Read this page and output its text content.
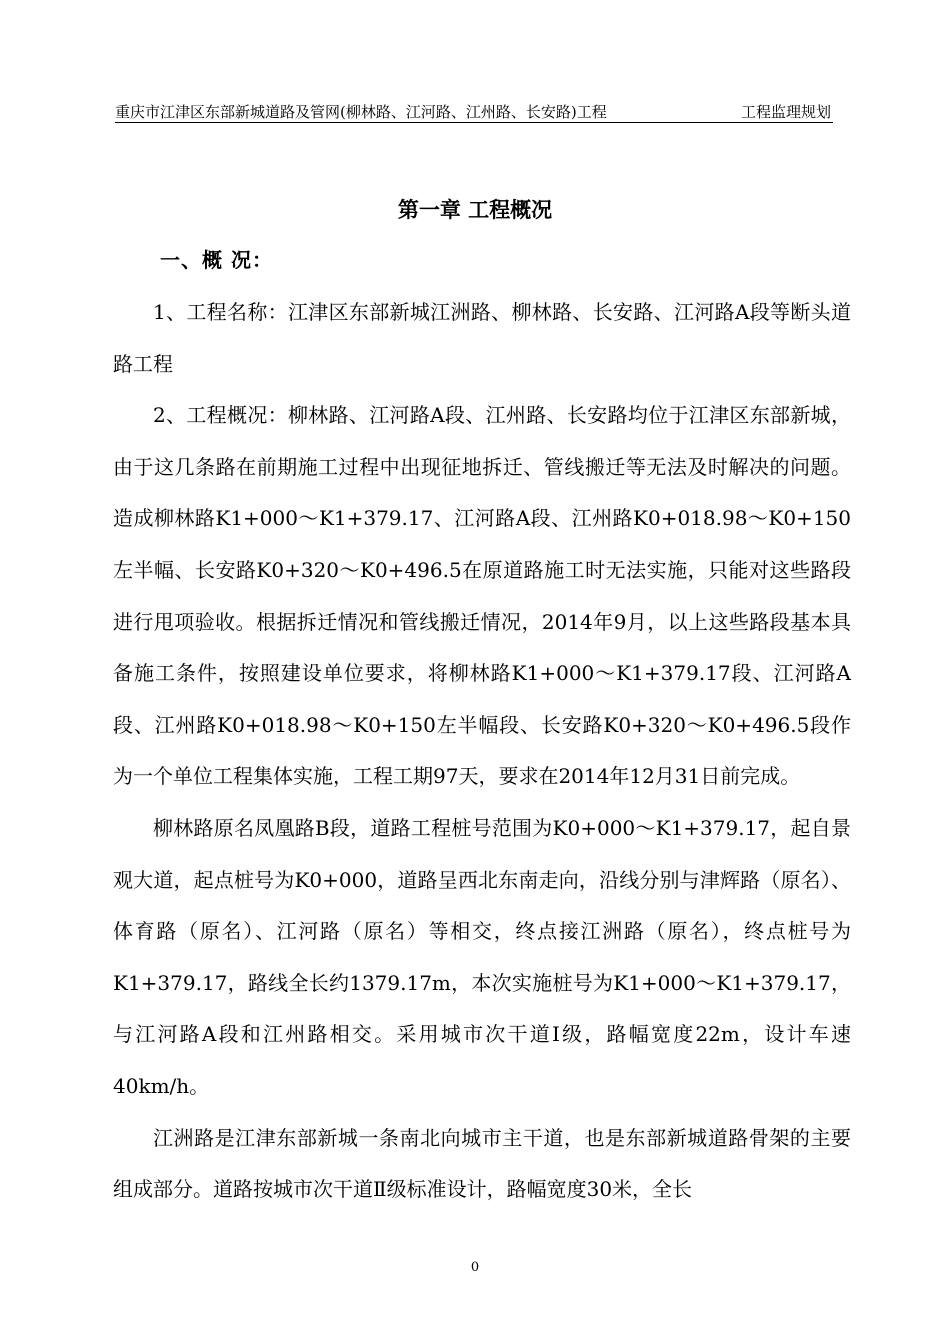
重庆市江津区东部新城道路及管网(柳林路、江河路、江州路、长安路)工程	工程监理规划
第一章 工程概况
一、概 况：

1、工程名称：江津区东部新城江洲路、柳林路、长安路、江河路A段等断头道路工程

2、工程概况：柳林路、江河路A段、江州路、长安路均位于江津区东部新城，由于这几条路在前期施工过程中出现征地拆迁、管线搬迁等无法及时解决的问题。造成柳林路K1+000～K1+379.17、江河路A段、江州路K0+018.98～K0+150左半幅、长安路K0+320～K0+496.5在原道路施工时无法实施，只能对这些路段进行甩项验收。根据拆迁情况和管线搬迁情况，2014年9月，以上这些路段基本具备施工条件，按照建设单位要求，将柳林路K1+000～K1+379.17段、江河路A段、江州路K0+018.98～K0+150左半幅段、长安路K0+320～K0+496.5段作为一个单位工程集体实施，工程工期97天，要求在2014年12月31日前完成。

柳林路原名凤凰路B段，道路工程桩号范围为K0+000～K1+379.17，起自景观大道，起点桩号为K0+000，道路呈西北东南走向，沿线分别与津辉路（原名）、体育路（原名）、江河路（原名）等相交，终点接江洲路（原名），终点桩号为K1+379.17，路线全长约1379.17m，本次实施桩号为K1+000～K1+379.17，与江河路A段和江州路相交。采用城市次干道Ⅰ级，路幅宽度22m，设计车速40km/h。

江洲路是江津东部新城一条南北向城市主干道，也是东部新城道路骨架的主要组成部分。道路按城市次干道Ⅱ级标准设计，路幅宽度30米，全长

0
